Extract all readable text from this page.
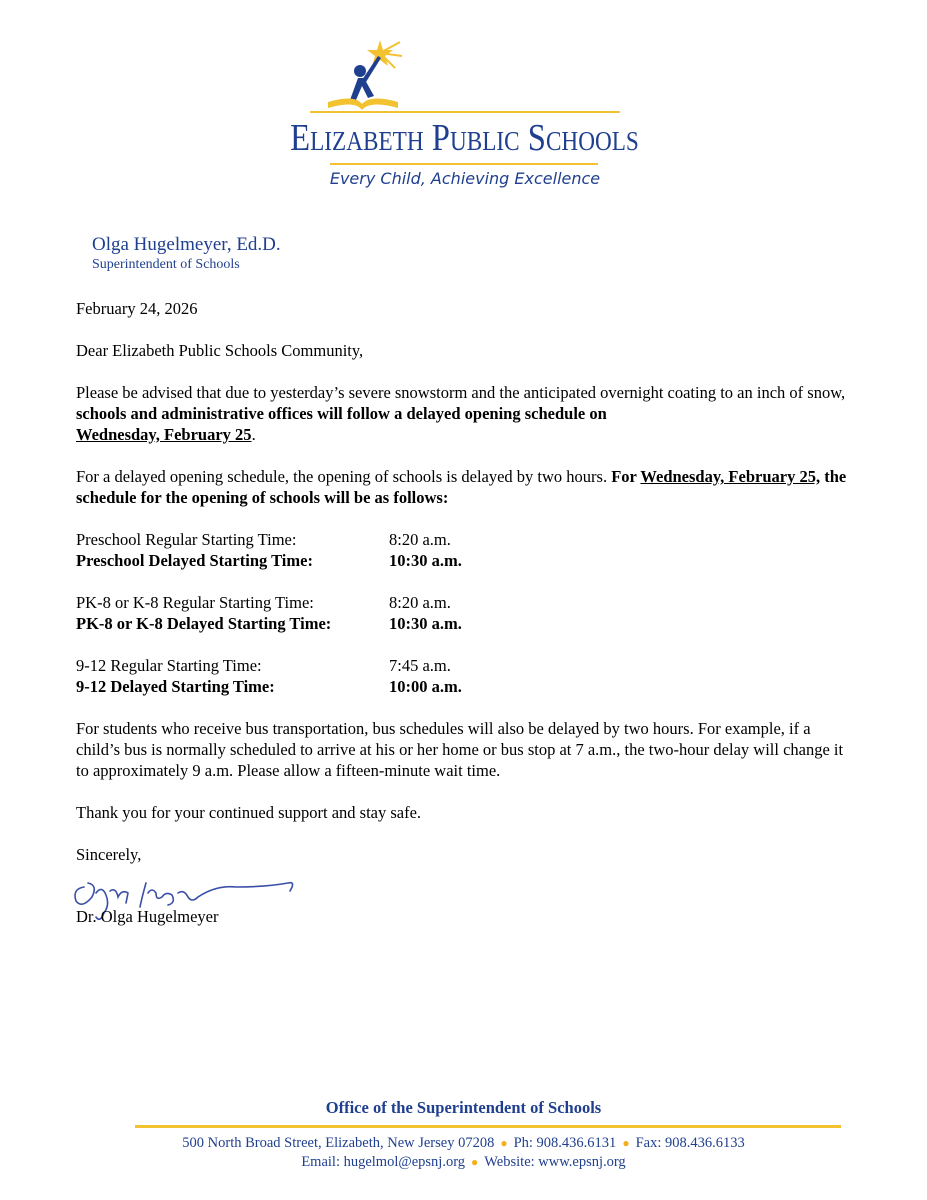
Elizabeth Public Schools
Every Child, Achieving Excellence
Olga Hugelmeyer, Ed.D.
Superintendent of Schools

February 24, 2026

Dear Elizabeth Public Schools Community,

Please be advised that due to yesterday’s severe snowstorm and the anticipated overnight coating to an inch of snow, schools and administrative offices will follow a delayed opening schedule on
Wednesday, February 25.

For a delayed opening schedule, the opening of schools is delayed by two hours. For Wednesday, February 25, the schedule for the opening of schools will be as follows:

Preschool Regular Starting Time:	8:20 a.m.
Preschool Delayed Starting Time:	10:30 a.m.
PK-8 or K-8 Regular Starting Time:	8:20 a.m.
PK-8 or K-8 Delayed Starting Time:	10:30 a.m.
9-12 Regular Starting Time:	7:45 a.m.
9-12 Delayed Starting Time:	10:00 a.m.

For students who receive bus transportation, bus schedules will also be delayed by two hours. For example, if a child’s bus is normally scheduled to arrive at his or her home or bus stop at 7 a.m., the two-hour delay will change it to approximately 9 a.m. Please allow a fifteen-minute wait time.

Thank you for your continued support and stay safe.

Sincerely,
Dr. Olga Hugelmeyer
Office of the Superintendent of Schools
500 North Broad Street, Elizabeth, New Jersey 07208 ● Ph: 908.436.6131 ● Fax: 908.436.6133
Email: hugelmol@epsnj.org ● Website: www.epsnj.org
